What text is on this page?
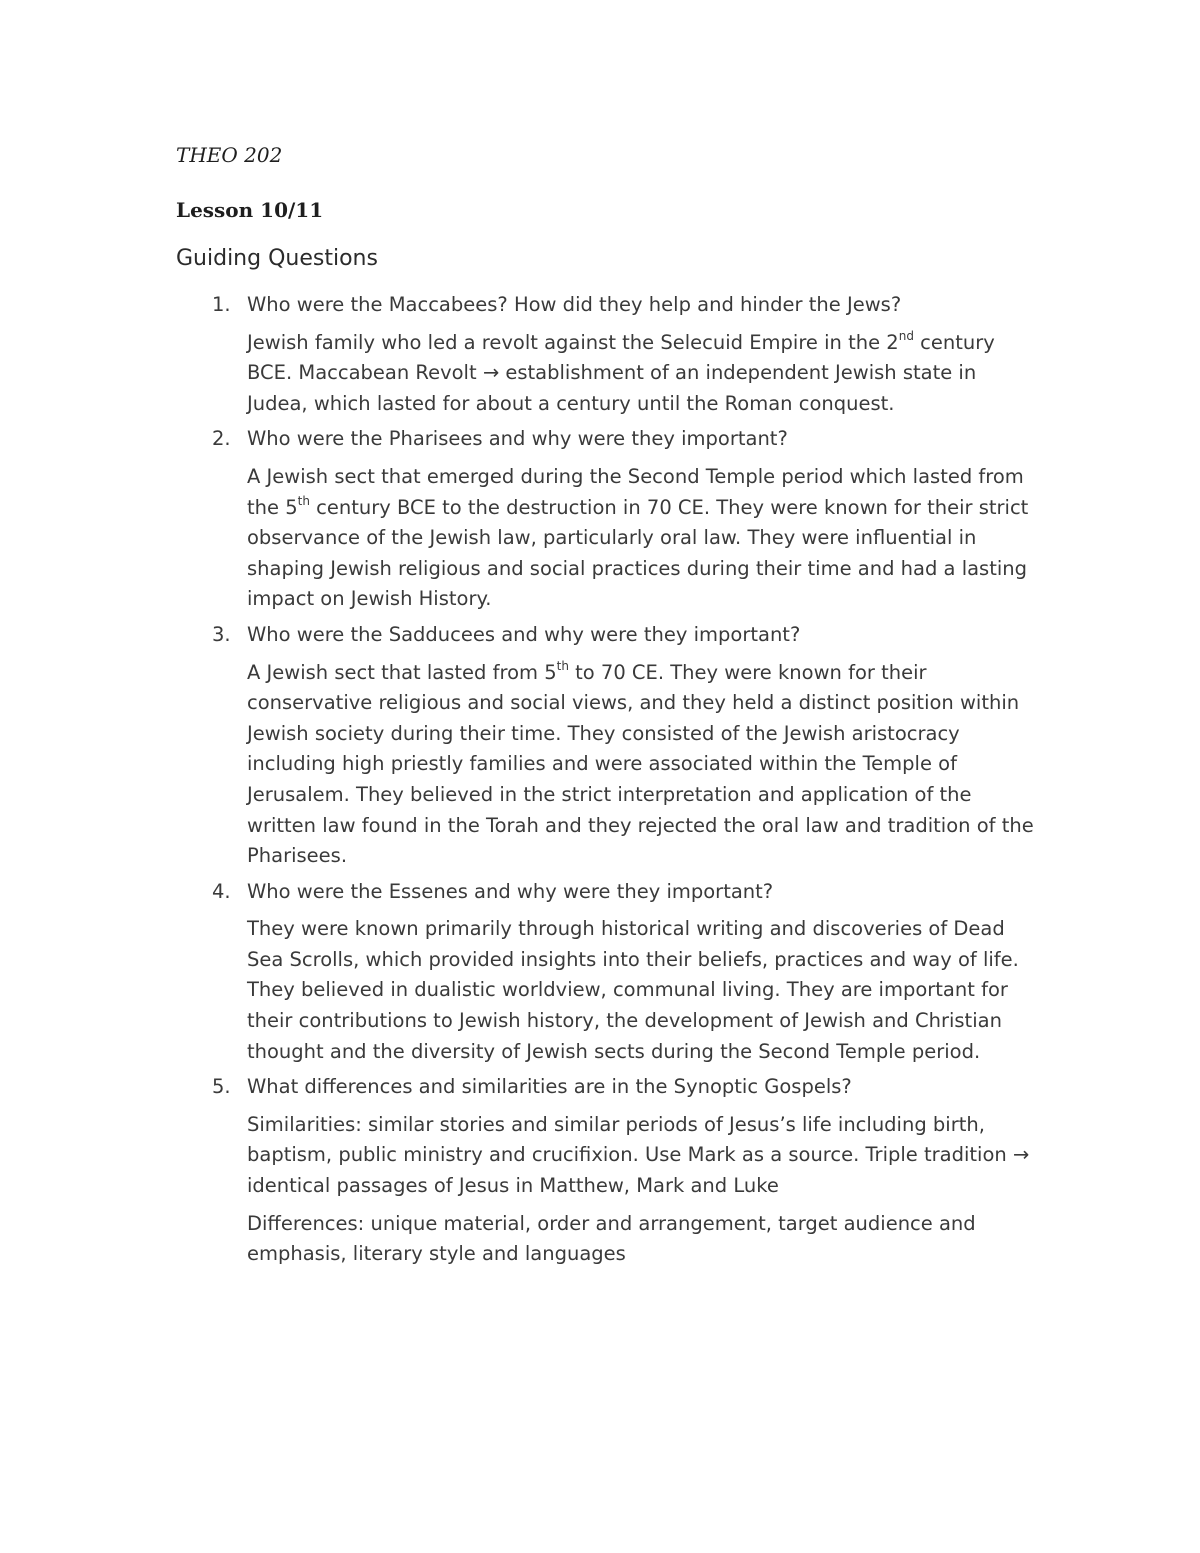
THEO 202

Lesson 10/11

Guiding Questions

1. Who were the Maccabees? How did they help and hinder the Jews?

Jewish family who led a revolt against the Selecuid Empire in the 2nd century BCE. Maccabean Revolt → establishment of an independent Jewish state in Judea, which lasted for about a century until the Roman conquest.

2. Who were the Pharisees and why were they important?

A Jewish sect that emerged during the Second Temple period which lasted from the 5th century BCE to the destruction in 70 CE. They were known for their strict observance of the Jewish law, particularly oral law. They were influential in shaping Jewish religious and social practices during their time and had a lasting impact on Jewish History.

3. Who were the Sadducees and why were they important?

A Jewish sect that lasted from 5th to 70 CE. They were known for their conservative religious and social views, and they held a distinct position within Jewish society during their time. They consisted of the Jewish aristocracy including high priestly families and were associated within the Temple of Jerusalem. They believed in the strict interpretation and application of the written law found in the Torah and they rejected the oral law and tradition of the Pharisees.

4. Who were the Essenes and why were they important?

They were known primarily through historical writing and discoveries of Dead Sea Scrolls, which provided insights into their beliefs, practices and way of life. They believed in dualistic worldview, communal living. They are important for their contributions to Jewish history, the development of Jewish and Christian thought and the diversity of Jewish sects during the Second Temple period.

5. What differences and similarities are in the Synoptic Gospels?

Similarities: similar stories and similar periods of Jesus’s life including birth, baptism, public ministry and crucifixion. Use Mark as a source. Triple tradition → identical passages of Jesus in Matthew, Mark and Luke

Differences: unique material, order and arrangement, target audience and emphasis, literary style and languages
